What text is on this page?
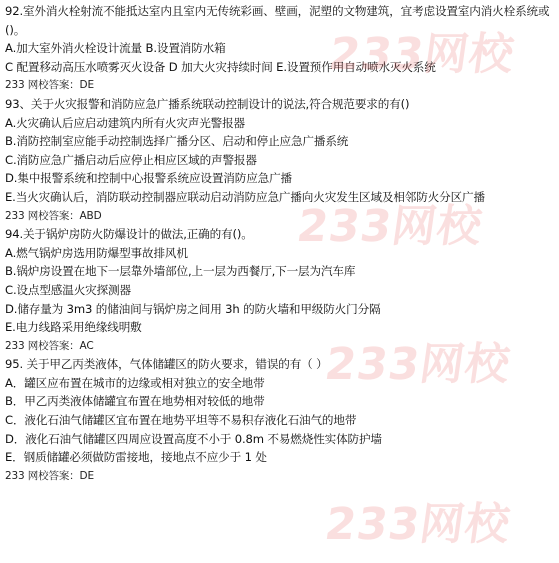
92.室外消火栓射流不能抵达室内且室内无传统彩画、壁画，泥塑的文物建筑，宜考虑设置室内消火栓系统或()。
A.加大室外消火栓设计流量 B.设置消防水箱
C 配置移动高压水喷雾灭火设备 D 加大火灾持续时间 E.设置预作用自动喷水灭火系统
233 网校答案：DE
93、关于火灾报警和消防应急广播系统联动控制设计的说法,符合规范要求的有()
A.火灾确认后应启动建筑内所有火灾声光警报器
B.消防控制室应能手动控制选择广播分区、启动和停止应急广播系统
C.消防应急广播启动后应停止相应区域的声警报器
D.集中报警系统和控制中心报警系统应设置消防应急广播
E.当火灾确认后，消防联动控制器应联动启动消防应急广播向火灾发生区域及相邻防火分区广播
233 网校答案：ABD
94.关于锅炉房防火防爆设计的做法,正确的有()。
A.燃气锅炉房选用防爆型事故排风机
B.锅炉房设置在地下一层靠外墙部位,上一层为西餐厅,下一层为汽车库
C.设点型感温火灾探测器
D.储存量为 3m3 的储油间与锅炉房之间用 3h 的防火墙和甲级防火门分隔
E.电力线路采用绝缘线明敷
233 网校答案：AC
95. 关于甲乙丙类液体，气体储罐区的防火要求，错误的有（ ）
A．罐区应布置在城市的边缘或相对独立的安全地带
B．甲乙丙类液体储罐宜布置在地势相对较低的地带
C．液化石油气储罐区宜布置在地势平坦等不易积存液化石油气的地带
D．液化石油气储罐区四周应设置高度不小于 0.8m 不易燃烧性实体防护墙
E．钢质储罐必须做防雷接地，接地点不应少于 1 处
233 网校答案：DE
233网校
233网校
233网校
233网校
